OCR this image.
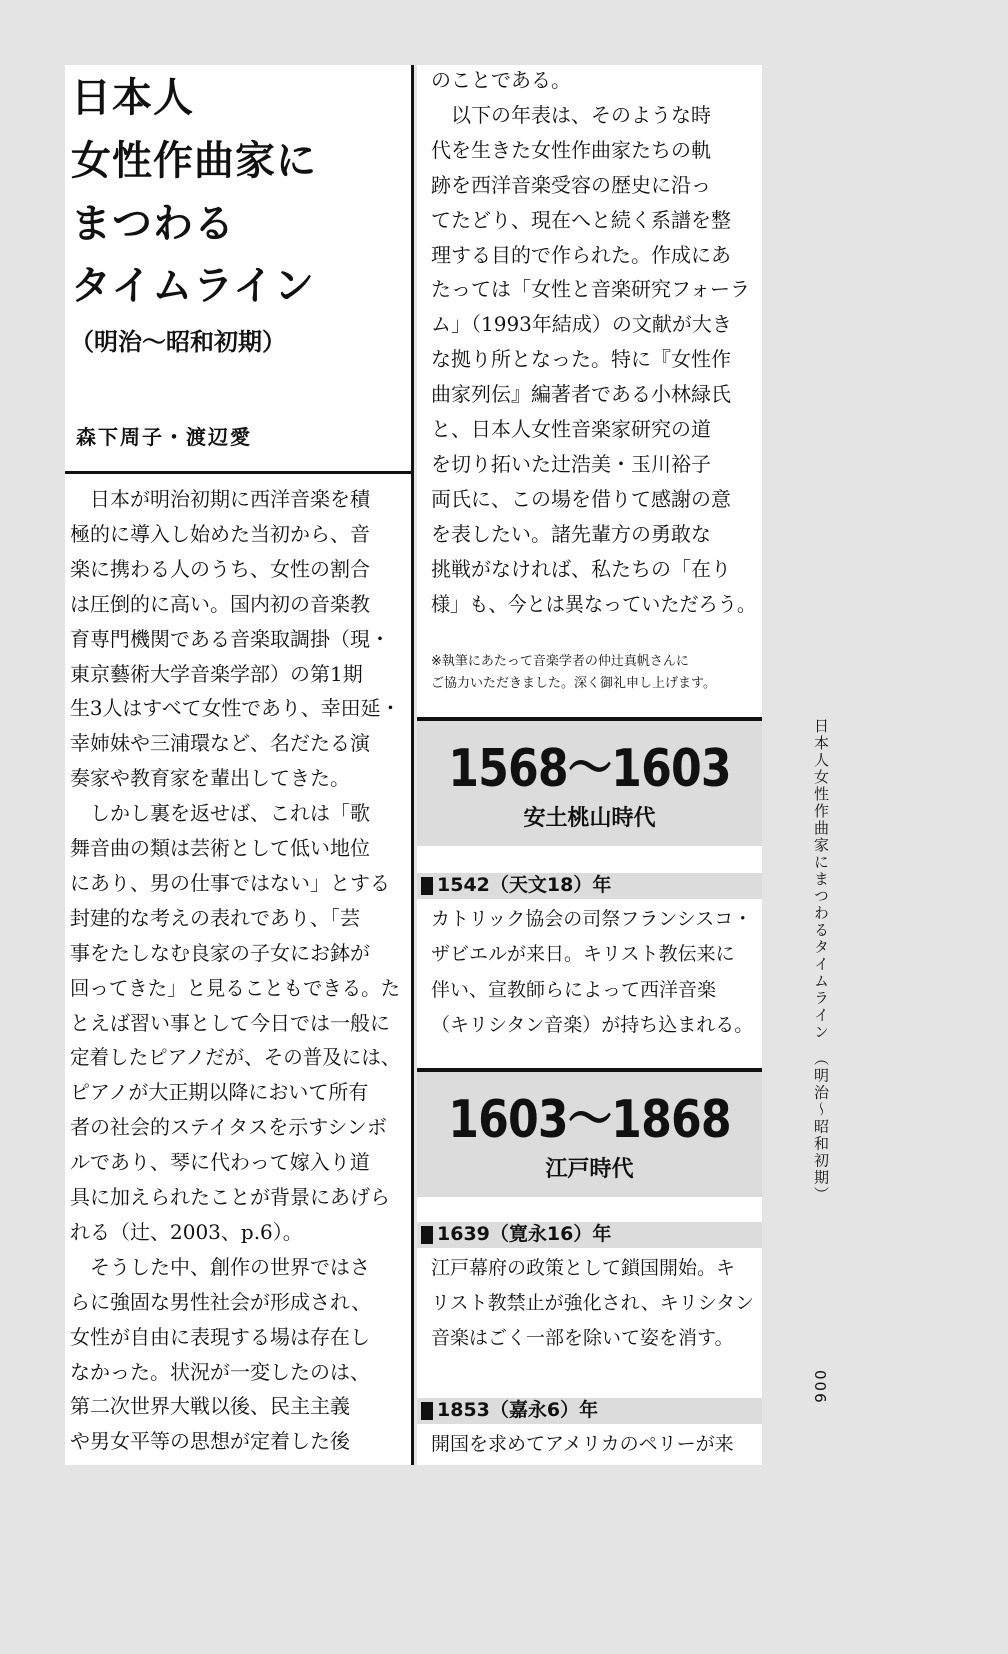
日本人
女性作曲家に
まつわる
タイムライン
（明治〜昭和初期）
森下周子・渡辺愛
　日本が明治初期に西洋音楽を積
極的に導入し始めた当初から、音
楽に携わる人のうち、女性の割合
は圧倒的に高い。国内初の音楽教
育専門機関である音楽取調掛（現・
東京藝術大学音楽学部）の第1期
生3人はすべて女性であり、幸田延・
幸姉妹や三浦環など、名だたる演
奏家や教育家を輩出してきた。
　しかし裏を返せば、これは「歌
舞音曲の類は芸術として低い地位
にあり、男の仕事ではない」とする
封建的な考えの表れであり、「芸
事をたしなむ良家の子女にお鉢が
回ってきた」と見ることもできる。た
とえば習い事として今日では一般に
定着したピアノだが、その普及には、
ピアノが大正期以降において所有
者の社会的ステイタスを示すシンボ
ルであり、琴に代わって嫁入り道
具に加えられたことが背景にあげら
れる（辻、2003、p.6）。
　そうした中、創作の世界ではさ
らに強固な男性社会が形成され、
女性が自由に表現する場は存在し
なかった。状況が一変したのは、
第二次世界大戦以後、民主主義
や男女平等の思想が定着した後
のことである。
　以下の年表は、そのような時
代を生きた女性作曲家たちの軌
跡を西洋音楽受容の歴史に沿っ
てたどり、現在へと続く系譜を整
理する目的で作られた。作成にあ
たっては「女性と音楽研究フォーラ
ム」（1993年結成）の文献が大き
な拠り所となった。特に『女性作
曲家列伝』編著者である小林緑氏
と、日本人女性音楽家研究の道
を切り拓いた辻浩美・玉川裕子
両氏に、この場を借りて感謝の意
を表したい。諸先輩方の勇敢な
挑戦がなければ、私たちの「在り
様」も、今とは異なっていただろう。
※執筆にあたって音楽学者の仲辻真帆さんに
ご協力いただきました。深く御礼申し上げます。
1568〜1603
安土桃山時代
1542（天文18）年
カトリック協会の司祭フランシスコ・
ザビエルが来日。キリスト教伝来に
伴い、宣教師らによって西洋音楽
（キリシタン音楽）が持ち込まれる。
1603〜1868
江戸時代
1639（寛永16）年
江戸幕府の政策として鎖国開始。キ
リスト教禁止が強化され、キリシタン
音楽はごく一部を除いて姿を消す。
1853（嘉永6）年
開国を求めてアメリカのペリーが来
日本人女性作曲家にまつわるタイムライン　（明治〜昭和初期）
006
